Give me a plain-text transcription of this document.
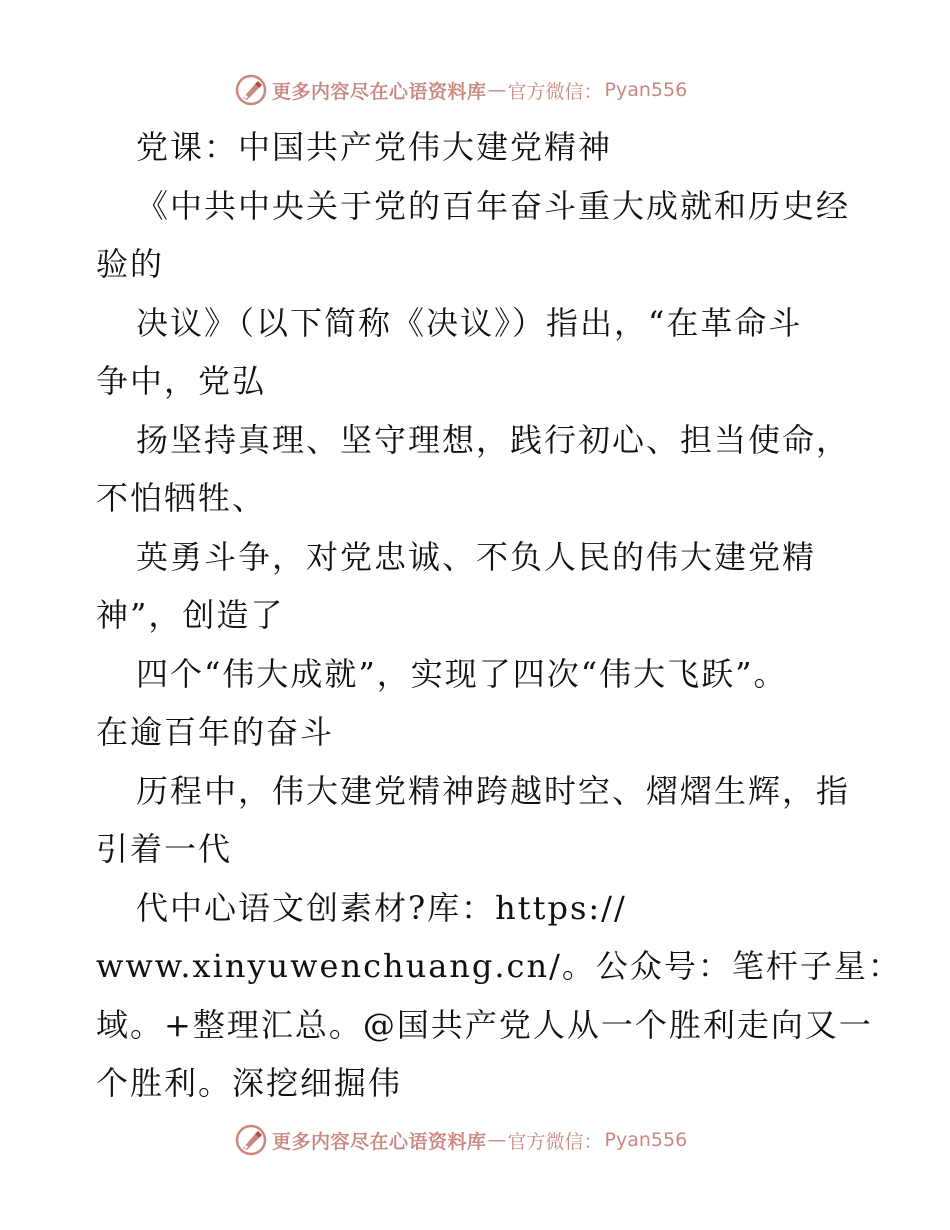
更多内容尽在心语资料库 — 官方微信： Pyan556
党课：中国共产党伟大建党精神
《中共中央关于党的百年奋斗重大成就和历史经
验的
决议》（以下简称《决议》）指出，“在革命斗
争中，党弘
扬坚持真理、坚守理想，践行初心、担当使命，
不怕牺牲、
英勇斗争，对党忠诚、不负人民的伟大建党精
神”，创造了
四个“伟大成就”，实现了四次“伟大飞跃”。
在逾百年的奋斗
历程中，伟大建党精神跨越时空、熠熠生辉，指
引着一代
代中心语文创素材?库：https://
www.xinyuwenchuang.cn/。公众号：笔杆子星：
域。+整理汇总。@国共产党人从一个胜利走向又一
个胜利。深挖细掘伟
更多内容尽在心语资料库 — 官方微信： Pyan556
